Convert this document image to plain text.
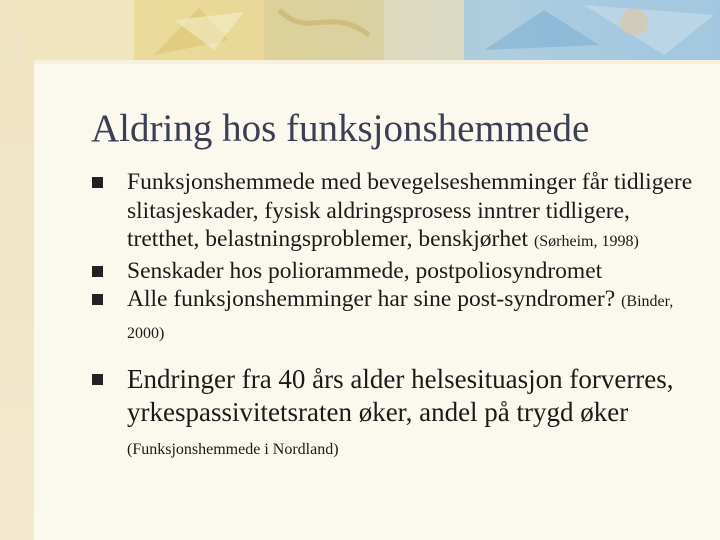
Aldring hos funksjonshemmede
Funksjonshemmede med bevegelseshemminger får tidligere slitasjeskader, fysisk aldringsprosess inntrer tidligere, tretthet, belastningsproblemer, benskjørhet (Sørheim, 1998)
Senskader hos poliorammede, postpoliosyndromet
Alle funksjonshemminger har sine post-syndromer? (Binder, 2000)
Endringer fra 40 års alder helsesituasjon forverres, yrkespassivitetsraten øker, andel på trygd øker (Funksjonshemmede i Nordland)
